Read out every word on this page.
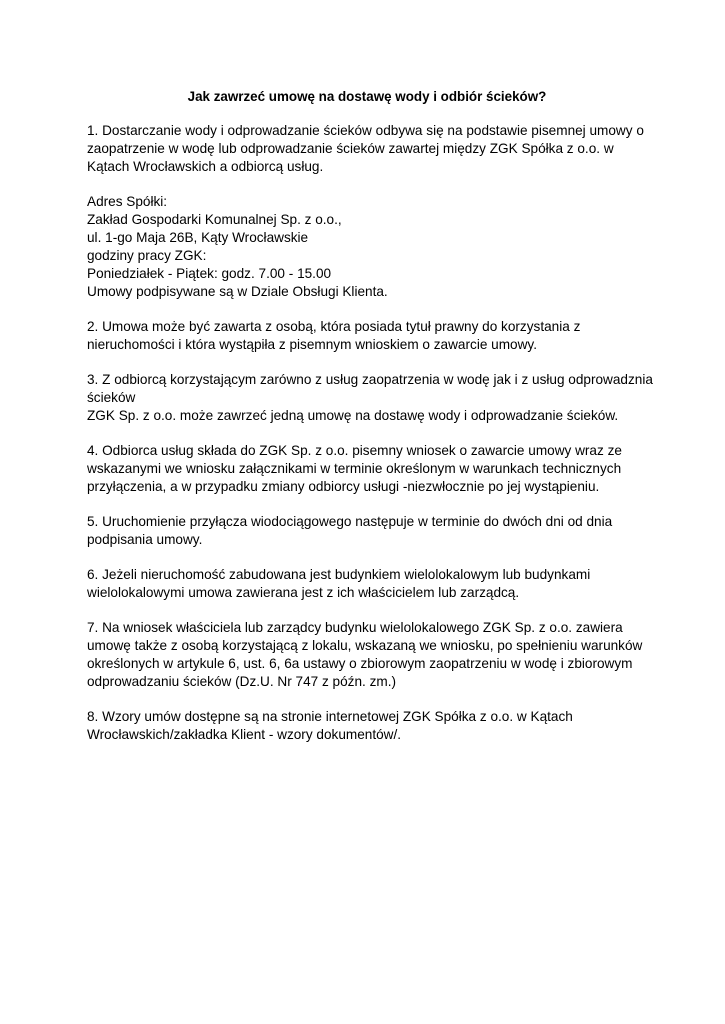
Jak zawrzeć umowę na dostawę wody i odbiór ścieków?
1. Dostarczanie wody i odprowadzanie ścieków odbywa się na podstawie pisemnej umowy o
zaopatrzenie w wodę lub odprowadzanie ścieków zawartej między ZGK Spółka z o.o. w
Kątach Wrocławskich a odbiorcą usług.
Adres Spółki:
Zakład Gospodarki Komunalnej Sp. z o.o.,
ul. 1-go Maja 26B, Kąty Wrocławskie
godziny pracy ZGK:
Poniedziałek - Piątek: godz. 7.00 - 15.00
Umowy podpisywane są w Dziale Obsługi Klienta.
2. Umowa może być zawarta z osobą, która posiada tytuł prawny do korzystania z
nieruchomości i która wystąpiła z pisemnym wnioskiem o zawarcie umowy.
3. Z odbiorcą korzystającym zarówno z usług zaopatrzenia w wodę jak i z usług odprowadznia
ścieków
ZGK Sp. z o.o. może zawrzeć jedną umowę na dostawę wody i odprowadzanie ścieków.
4. Odbiorca usług składa do ZGK Sp. z o.o. pisemny wniosek o zawarcie umowy wraz ze
wskazanymi we wniosku załącznikami w terminie określonym w warunkach technicznych
przyłączenia, a w przypadku zmiany odbiorcy usługi -niezwłocznie po jej wystąpieniu.
5. Uruchomienie przyłącza wiodociągowego następuje w terminie do dwóch dni od dnia
podpisania umowy.
6. Jeżeli nieruchomość zabudowana jest budynkiem wielolokalowym lub budynkami
wielolokalowymi umowa zawierana jest z ich właścicielem lub zarządcą.
7. Na wniosek właściciela lub zarządcy budynku wielolokalowego ZGK Sp. z o.o. zawiera
umowę także z osobą korzystającą z lokalu, wskazaną we wniosku, po spełnieniu warunków
określonych w artykule 6, ust. 6, 6a ustawy o zbiorowym zaopatrzeniu w wodę i zbiorowym
odprowadzaniu ścieków (Dz.U. Nr 747 z późn. zm.)
8. Wzory umów dostępne są na stronie internetowej ZGK Spółka z o.o. w Kątach
Wrocławskich/zakładka Klient - wzory dokumentów/.
